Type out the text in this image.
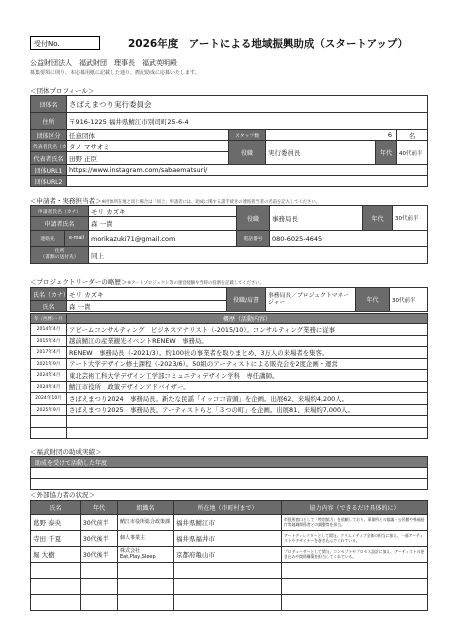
受付No.	2026年度　アートによる地域振興助成（スタートアップ）
公益財団法人　福武財団　理事長　福武英明殿
募集要項に則り、本応募用紙に記載した通り、標記助成に応募いたします。
＜団体プロフィール＞
団体名	さばえまつり実行委員会				
住所	〒916-1225 福井県鯖江市別司町25-6-4				
団体区分	任意団体	スタッフ数	6		名
代表者氏名（カナ）	タノ マサオミ	役職	実行委員長	年代	40代前半
代表者氏名	田野 正臣				
団体URL1	https://www.instagram.com/sabaematsuri/				
団体URL2					
＜申請者・実務担当者＞※団体所在地と同じ場合は「同上」申請者には、助成に関する諸手続きの連絡担当者の名前を記入してください。
申請者氏名（カナ）		モリ カズキ	役職	事務局長	年代	30代前半
申請者氏名		森 一貴				
連絡先	e-mail	morikazuki71@gmail.com	電話番号	080-6025-4645		

住所
（書類の送付先）		同上				
＜プロジェクトリーダーの略歴＞※アートプロジェクト等の運営経験や当時の役割を記載してください。
氏名（カナ）	モリ カズキ	役職/肩書	事務局長／プロジェクトマネージャー	年代	30代前半
氏名	森 一貴				
年（西暦）・月	概歴（活動内容）
2014年4月	アビームコンサルティング　ビジネスアナリスト（-2015/10）。コンサルティング業務に従事
2015年4月	越前鯖江の産業観光イベントRENEW　事務局。
2017年4月	RENEW　事務局長（-2021/3）。約100社の事業者を取りまとめ、3万人の来場者を集客。
2021年9月	アート大学デザイン修士課程（-2023/6）。50組のアーティストによる販売会を2度企画・運営
2024年4月	東北芸術工科大学デザイン工学部コミュニティデザイン学科　専任講師。
2024年4月	鯖江市役所　政策デザインアドバイザー。
2024年10月	さばえまつり2024　事務局長。新たな民謡「イッココ音頭」を企画。出展62、来場約4,200人。
2025年9月	さばえまつり2025　事務局長。アーティストらと「３つの町」を企画。出展81、来場約7,000人。

＜福武財団の助成実績＞
助成を受けて活動した年度

＜外部協力者の状況＞
氏名	年代	組織名	所在地（市町村まで）	協力内容（できるだけ具体的に）
葛野 泰央	30代前半	鯖江市役所総合政策課	福井県鯖江市	市役所窓口として「特別協力」を依頼しており、事業所との協議・公民館や県福祉庁等地域関係者との調整等を担当。
寺田 千夏	30代後半	個人事業主	福井県福井市	アートディレクターとして関与。クリエイティブ全体の担当に加え、一部アーティストやデザイナーを巻き込んでくれている。
堀 大樹	30代後半	株式会社Eat,Play,Sleep	京都府亀山市	プロデューサーとして関与。コンセプトやプロセス設計に加え、アーティストの巻き込みや関係構築を担当してくれている。
